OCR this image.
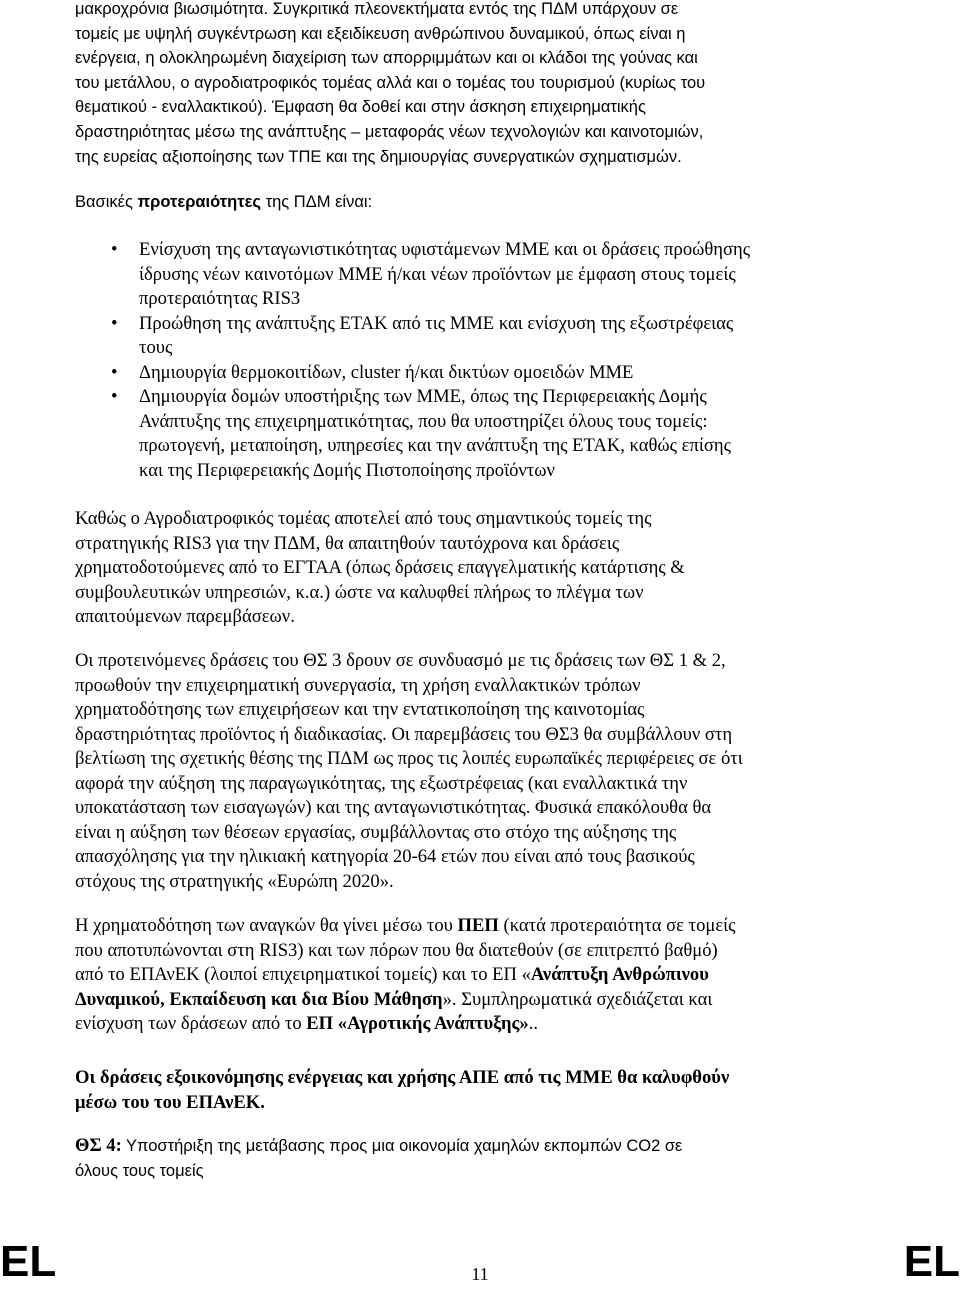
μακροχρόνια βιωσιμότητα. Συγκριτικά πλεονεκτήματα εντός της ΠΔΜ υπάρχουν σε
τομείς με υψηλή συγκέντρωση και εξειδίκευση ανθρώπινου δυναμικού, όπως είναι η
ενέργεια, η ολοκληρωμένη διαχείριση των απορριμμάτων και οι κλάδοι της γούνας και
του μετάλλου, ο αγροδιατροφικός τομέας αλλά και ο τομέας του τουρισμού (κυρίως του
θεματικού - εναλλακτικού). Έμφαση θα δοθεί και στην άσκηση επιχειρηματικής
δραστηριότητας μέσω της ανάπτυξης – μεταφοράς νέων τεχνολογιών και καινοτομιών,
της ευρείας αξιοποίησης των ΤΠΕ και της δημιουργίας συνεργατικών σχηματισμών.

Βασικές προτεραιότητες της ΠΔΜ είναι:

• Ενίσχυση της ανταγωνιστικότητας υφιστάμενων ΜΜΕ και οι δράσεις προώθησης
ίδρυσης νέων καινοτόμων ΜΜΕ ή/και νέων προϊόντων με έμφαση στους τομείς
προτεραιότητας RIS3
• Προώθηση της ανάπτυξης ΕΤΑΚ από τις ΜΜΕ και ενίσχυση της εξωστρέφειας
τους
• Δημιουργία θερμοκοιτίδων, cluster ή/και δικτύων ομοειδών ΜΜΕ
• Δημιουργία δομών υποστήριξης των ΜΜΕ, όπως της Περιφερειακής Δομής
Ανάπτυξης της επιχειρηματικότητας, που θα υποστηρίζει όλους τους τομείς:
πρωτογενή, μεταποίηση, υπηρεσίες και την ανάπτυξη της ΕΤΑΚ, καθώς επίσης
και της Περιφερειακής Δομής Πιστοποίησης προϊόντων

Καθώς ο Αγροδιατροφικός τομέας αποτελεί από τους σημαντικούς τομείς της
στρατηγικής RIS3 για την ΠΔΜ, θα απαιτηθούν ταυτόχρονα και δράσεις
χρηματοδοτούμενες από το ΕΓΤΑΑ (όπως δράσεις επαγγελματικής κατάρτισης &
συμβουλευτικών υπηρεσιών, κ.α.) ώστε να καλυφθεί πλήρως το πλέγμα των
απαιτούμενων παρεμβάσεων.

Οι προτεινόμενες δράσεις του ΘΣ 3 δρουν σε συνδυασμό με τις δράσεις των ΘΣ 1 & 2,
προωθούν την επιχειρηματική συνεργασία, τη χρήση εναλλακτικών τρόπων
χρηματοδότησης των επιχειρήσεων και την εντατικοποίηση της καινοτομίας
δραστηριότητας προϊόντος ή διαδικασίας. Οι παρεμβάσεις του ΘΣ3 θα συμβάλλουν στη
βελτίωση της σχετικής θέσης της ΠΔΜ ως προς τις λοιπές ευρωπαϊκές περιφέρειες σε ότι
αφορά την αύξηση της παραγωγικότητας, της εξωστρέφειας (και εναλλακτικά την
υποκατάσταση των εισαγωγών) και της ανταγωνιστικότητας. Φυσικά επακόλουθα θα
είναι η αύξηση των θέσεων εργασίας, συμβάλλοντας στο στόχο της αύξησης της
απασχόλησης για την ηλικιακή κατηγορία 20-64 ετών που είναι από τους βασικούς
στόχους της στρατηγικής «Ευρώπη 2020».

Η χρηματοδότηση των αναγκών θα γίνει μέσω του ΠΕΠ (κατά προτεραιότητα σε τομείς
που αποτυπώνονται στη RIS3) και των πόρων που θα διατεθούν (σε επιτρεπτό βαθμό)
από το ΕΠΑνΕΚ (λοιποί επιχειρηματικοί τομείς) και το ΕΠ «Ανάπτυξη Ανθρώπινου
Δυναμικού, Εκπαίδευση και δια Βίου Μάθηση». Συμπληρωματικά σχεδιάζεται και
ενίσχυση των δράσεων από το ΕΠ «Αγροτικής Ανάπτυξης»..

Οι δράσεις εξοικονόμησης ενέργειας και χρήσης ΑΠΕ από τις ΜΜΕ θα καλυφθούν
μέσω του του ΕΠΑνΕΚ.

ΘΣ 4: Υποστήριξη της μετάβασης προς μια οικονομία χαμηλών εκπομπών CO2 σε
όλους τους τομείς

EL	EL
11
